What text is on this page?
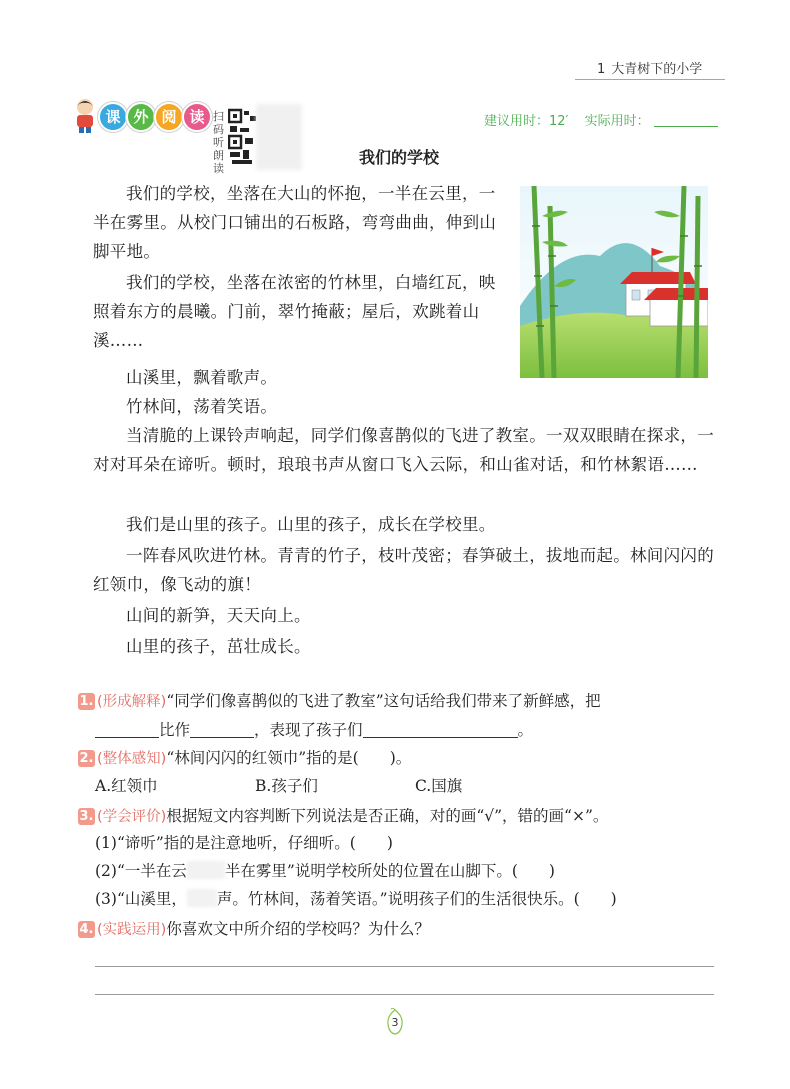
1 大青树下的小学
课 外 阅 读 扫码听朗读
建议用时：12′ 实际用时：
我们的学校
我们的学校，坐落在大山的怀抱，一半在云里，一半在雾里。从校门口铺出的石板路，弯弯曲曲，伸到山脚平地。
我们的学校，坐落在浓密的竹林里，白墙红瓦，映照着东方的晨曦。门前，翠竹掩蔽；屋后，欢跳着山溪……
山溪里，飘着歌声。
竹林间，荡着笑语。
当清脆的上课铃声响起，同学们像喜鹊似的飞进了教室。一双双眼睛在探求，一对对耳朵在谛听。顿时，琅琅书声从窗口飞入云际，和山雀对话，和竹林絮语……
我们是山里的孩子。山里的孩子，成长在学校里。
一阵春风吹进竹林。青青的竹子，枝叶茂密；春笋破土，拔地而起。林间闪闪的红领巾，像飞动的旗！
山间的新笋，天天向上。
山里的孩子，茁壮成长。
1. (形成解释)“同学们像喜鹊似的飞进了教室”这句话给我们带来了新鲜感，把
比作	，表现了孩子们	。
2. (整体感知)“林间闪闪的红领巾”指的是(　　)。
A.红领巾	B.孩子们	C.国旗
3. (学会评价)根据短文内容判断下列说法是否正确，对的画“√”，错的画“×”。
(1)“谛听”指的是注意地听，仔细听。(　　)
(2)“一半在云 半在雾里”说明学校所处的位置在山脚下。(　　)
(3)“山溪里， 声。竹林间，荡着笑语。”说明孩子们的生活很快乐。(　　)
4. (实践运用)你喜欢文中所介绍的学校吗？为什么？
3
